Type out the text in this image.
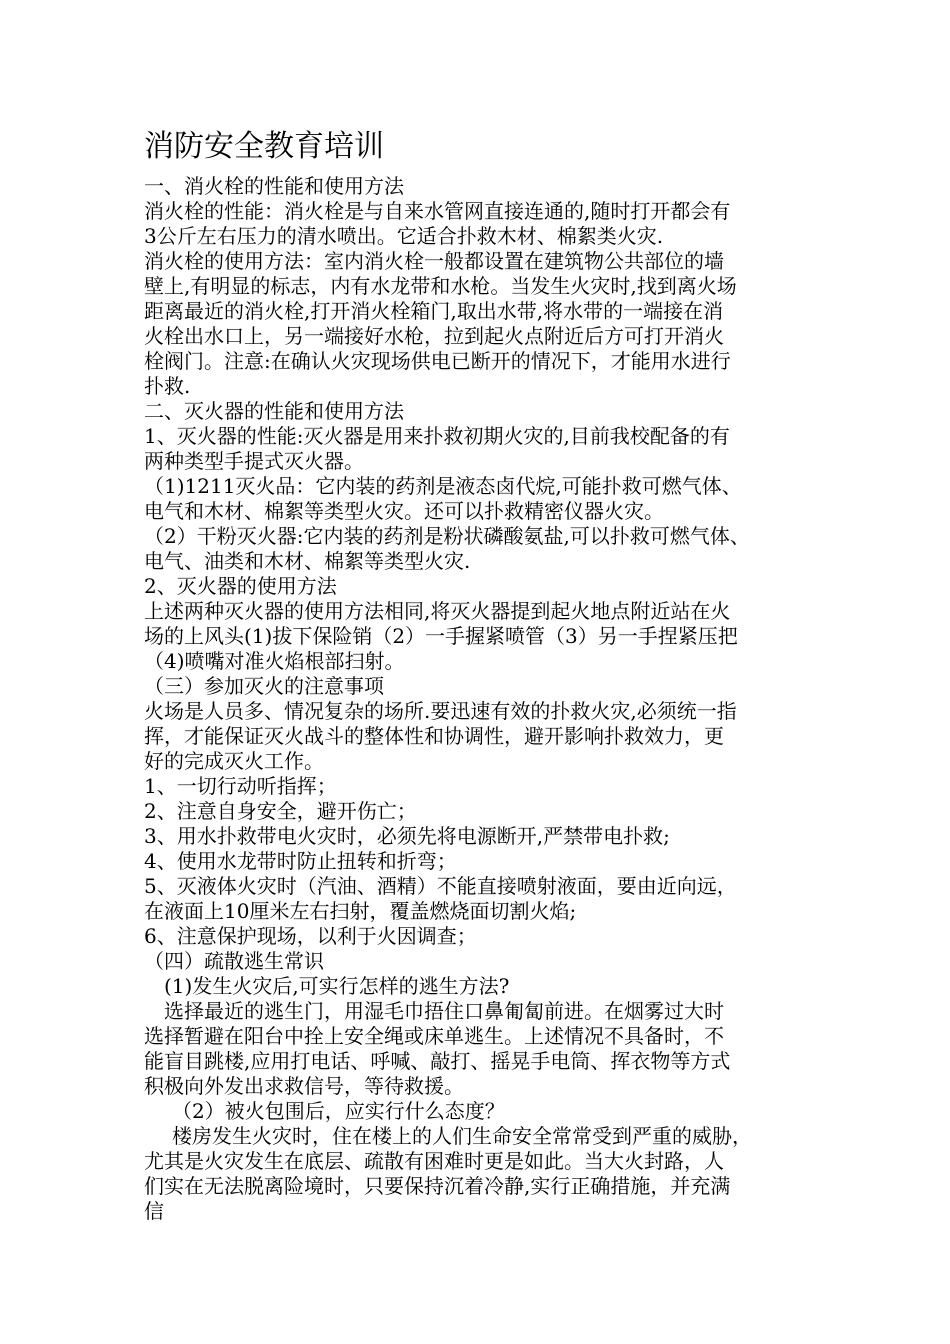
消防安全教育培训
一、消火栓的性能和使用方法
消火栓的性能：消火栓是与自来水管网直接连通的,随时打开都会有
3公斤左右压力的清水喷出。它适合扑救木材、棉絮类火灾.
消火栓的使用方法：室内消火栓一般都设置在建筑物公共部位的墙
壁上,有明显的标志，内有水龙带和水枪。当发生火灾时,找到离火场
距离最近的消火栓,打开消火栓箱门,取出水带,将水带的一端接在消
火栓出水口上，另一端接好水枪，拉到起火点附近后方可打开消火
栓阀门。注意:在确认火灾现场供电已断开的情况下，才能用水进行
扑救.
二、灭火器的性能和使用方法
1、灭火器的性能:灭火器是用来扑救初期火灾的,目前我校配备的有
两种类型手提式灭火器。
（1)1211灭火品：它内装的药剂是液态卤代烷,可能扑救可燃气体、
电气和木材、棉絮等类型火灾。还可以扑救精密仪器火灾。
（2）干粉灭火器:它内装的药剂是粉状磷酸氨盐,可以扑救可燃气体、
电气、油类和木材、棉絮等类型火灾.
2、灭火器的使用方法
上述两种灭火器的使用方法相同,将灭火器提到起火地点附近站在火
场的上风头(1)拔下保险销（2）一手握紧喷管（3）另一手捏紧压把
（4)喷嘴对准火焰根部扫射。
（三）参加灭火的注意事项
火场是人员多、情况复杂的场所.要迅速有效的扑救火灾,必须统一指
挥，才能保证灭火战斗的整体性和协调性，避开影响扑救效力，更
好的完成灭火工作。
1、一切行动听指挥；
2、注意自身安全，避开伤亡；
3、用水扑救带电火灾时，必须先将电源断开,严禁带电扑救;
4、使用水龙带时防止扭转和折弯；
5、灭液体火灾时（汽油、酒精）不能直接喷射液面，要由近向远，
在液面上10厘米左右扫射，覆盖燃烧面切割火焰;
6、注意保护现场，以利于火因调查；
（四）疏散逃生常识
(1)发生火灾后,可实行怎样的逃生方法?
选择最近的逃生门，用湿毛巾捂住口鼻匍匐前进。在烟雾过大时
选择暂避在阳台中拴上安全绳或床单逃生。上述情况不具备时，不
能盲目跳楼,应用打电话、呼喊、敲打、摇晃手电筒、挥衣物等方式
积极向外发出求救信号，等待救援。
（2）被火包围后，应实行什么态度？
楼房发生火灾时，住在楼上的人们生命安全常常受到严重的威胁，
尤其是火灾发生在底层、疏散有困难时更是如此。当大火封路，人
们实在无法脱离险境时，只要保持沉着冷静,实行正确措施，并充满
信
